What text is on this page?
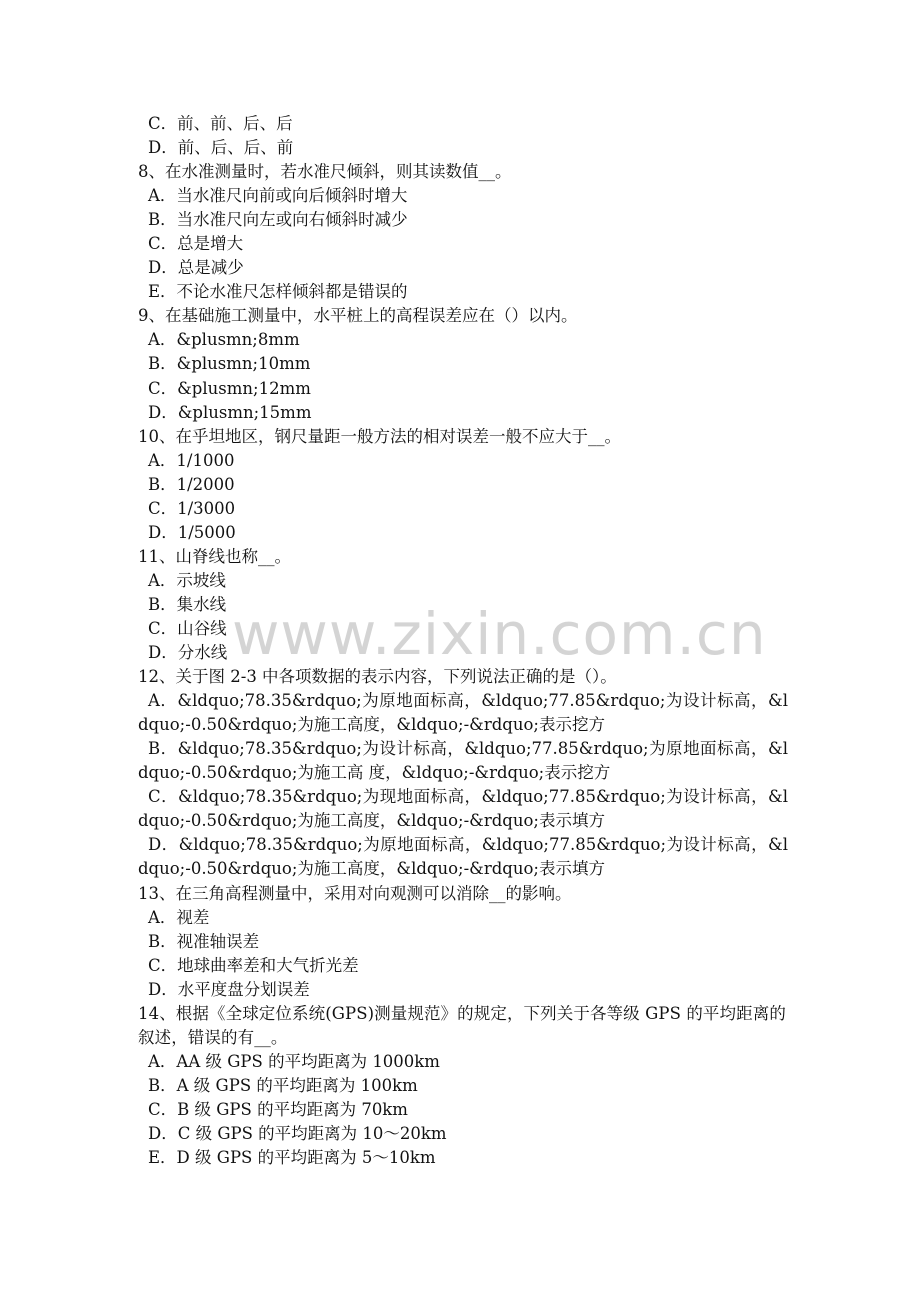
www.zixin.com.cn
C．前、前、后、后
D．前、后、后、前
8、在水准测量时，若水准尺倾斜，则其读数值__。
A．当水准尺向前或向后倾斜时增大
B．当水准尺向左或向右倾斜时减少
C．总是增大
D．总是减少
E．不论水准尺怎样倾斜都是错误的
9、在基础施工测量中，水平桩上的高程误差应在（）以内。
A．&plusmn;8mm
B．&plusmn;10mm
C．&plusmn;12mm
D．&plusmn;15mm
10、在乎坦地区，钢尺量距一般方法的相对误差一般不应大于__。
A．1/1000
B．1/2000
C．1/3000
D．1/5000
11、山脊线也称__。
A．示坡线
B．集水线
C．山谷线
D．分水线
12、关于图 2-3 中各项数据的表示内容，下列说法正确的是（）。
A．&ldquo;78.35&rdquo;为原地面标高，&ldquo;77.85&rdquo;为设计标高，&ldquo;-0.50&rdquo;为施工高度，&ldquo;-&rdquo;表示挖方
B．&ldquo;78.35&rdquo;为设计标高，&ldquo;77.85&rdquo;为原地面标高，&ldquo;-0.50&rdquo;为施工高 度，&ldquo;-&rdquo;表示挖方
C．&ldquo;78.35&rdquo;为现地面标高，&ldquo;77.85&rdquo;为设计标高，&ldquo;-0.50&rdquo;为施工高度，&ldquo;-&rdquo;表示填方
D．&ldquo;78.35&rdquo;为原地面标高，&ldquo;77.85&rdquo;为设计标高，&ldquo;-0.50&rdquo;为施工高度，&ldquo;-&rdquo;表示填方
13、在三角高程测量中，采用对向观测可以消除__的影响。
A．视差
B．视准轴误差
C．地球曲率差和大气折光差
D．水平度盘分划误差
14、根据《全球定位系统(GPS)测量规范》的规定，下列关于各等级 GPS 的平均距离的叙述，错误的有__。
A．AA 级 GPS 的平均距离为 1000km
B．A 级 GPS 的平均距离为 100km
C．B 级 GPS 的平均距离为 70km
D．C 级 GPS 的平均距离为 10～20km
E．D 级 GPS 的平均距离为 5～10km
